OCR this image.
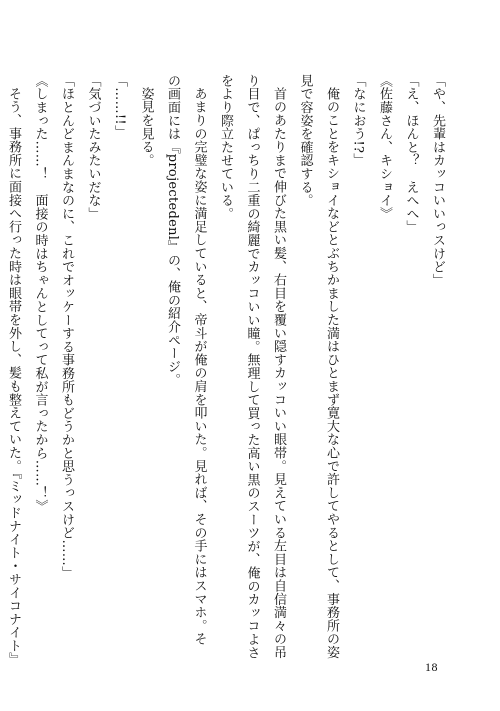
「や、先輩はカッコいいっスけど」
「え、ほんと？　えへへ」
《佐藤さん、キショイ》
「なにおう!?」
俺のことをキショイなどとぶちかました満はひとまず寛大な心で許してやるとして、事務所の姿
見で容姿を確認する。
首のあたりまで伸びた黒い髪、右目を覆い隠すカッコいい眼帯。見えている左目は自信満々の吊
り目で、ぱっちり二重の綺麗でカッコいい瞳。無理して買った高い黒のスーツが、俺のカッコよさ
をより際立たせている。
あまりの完璧な姿に満足していると、帝斗が俺の肩を叩いた。見れば、その手にはスマホ。そ
の画面には『projectedenl』の、俺の紹介ページ。
姿見を見る。
「……!!」
「気づいたみたいだな」
「ほとんどまんまなのに、これでオッケーする事務所もどうかと思うっスけど……」
《しまった……！　面接の時はちゃんとしてって私が言ったから……！》
そう、事務所に面接へ行った時は眼帯を外し、髪も整えていた。『ミッドナイト・サイコナイト』
18
